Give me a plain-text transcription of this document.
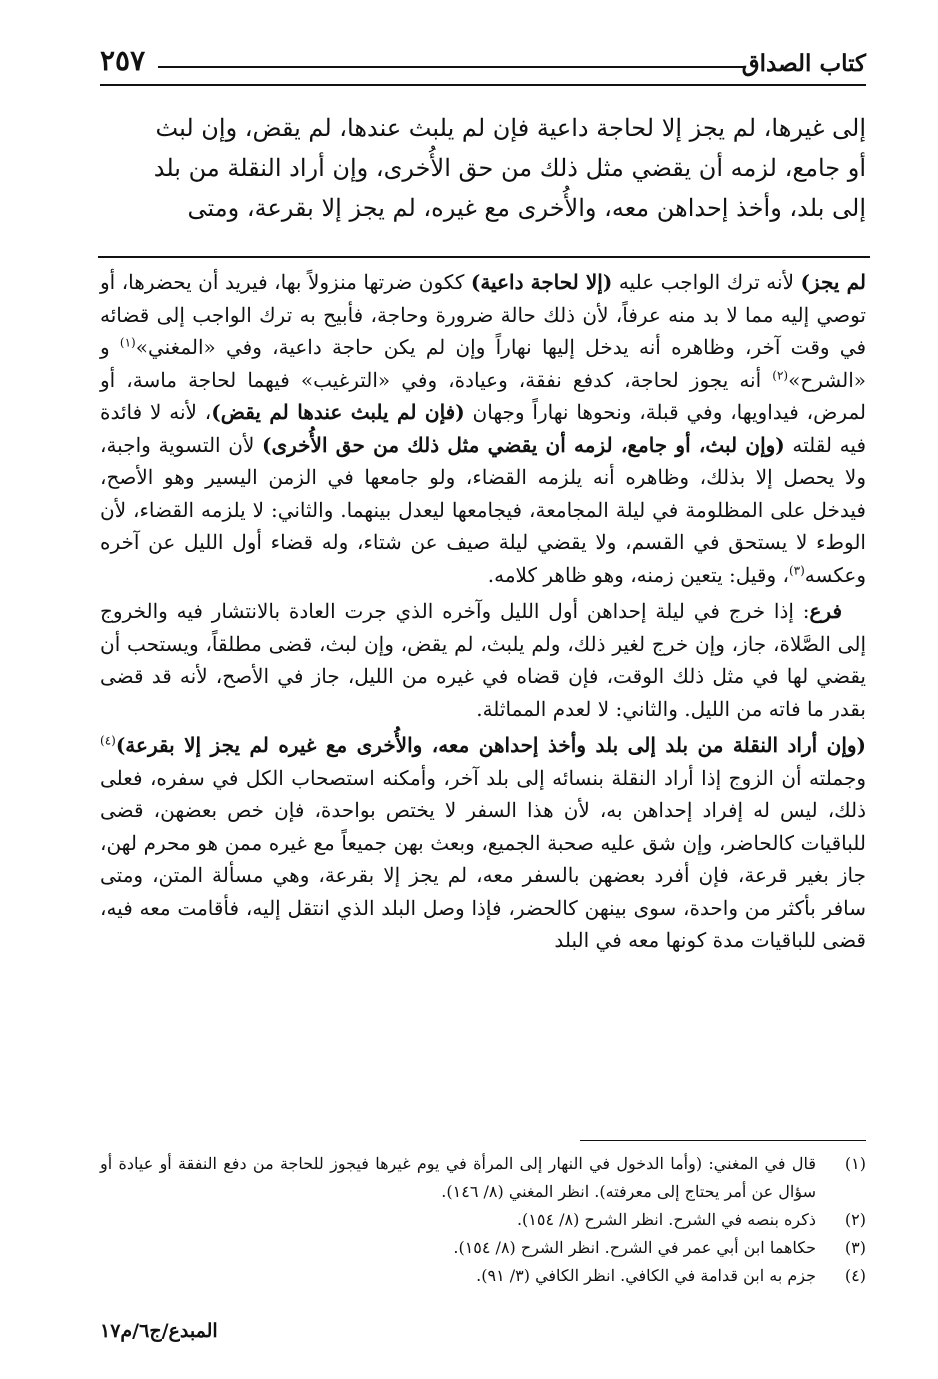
كتاب الصداق
٢٥٧

إلى غيرها، لم يجز إلا لحاجة داعية فإن لم يلبث عندها، لم يقض، وإن لبث

أو جامع، لزمه أن يقضي مثل ذلك من حق الأُخرى، وإن أراد النقلة من بلد

إلى بلد، وأخذ إحداهن معه، والأُخرى مع غيره، لم يجز إلا بقرعة، ومتى

لم يجز) لأنه ترك الواجب عليه (إلا لحاجة داعية) ككون ضرتها منزولاً بها، فيريد أن يحضرها، أو توصي إليه مما لا بد منه عرفاً، لأن ذلك حالة ضرورة وحاجة، فأبيح به ترك الواجب إلى قضائه في وقت آخر، وظاهره أنه يدخل إليها نهاراً وإن لم يكن حاجة داعية، وفي «المغني»$^{(١)}$ و «الشرح»$^{(٢)}$ أنه يجوز لحاجة، كدفع نفقة، وعيادة، وفي «الترغيب» فيهما لحاجة ماسة، أو لمرض، فيداويها، وفي قبلة، ونحوها نهاراً وجهان (فإن لم يلبث عندها لم يقض)، لأنه لا فائدة فيه لقلته (وإن لبث، أو جامع، لزمه أن يقضي مثل ذلك من حق الأُخرى) لأن التسوية واجبة، ولا يحصل إلا بذلك، وظاهره أنه يلزمه القضاء، ولو جامعها في الزمن اليسير وهو الأصح، فيدخل على المظلومة في ليلة المجامعة، فيجامعها ليعدل بينهما. والثاني: لا يلزمه القضاء، لأن الوطء لا يستحق في القسم، ولا يقضي ليلة صيف عن شتاء، وله قضاء أول الليل عن آخره وعكسه$^{(٣)}$، وقيل: يتعين زمنه، وهو ظاهر كلامه.

فرع: إذا خرج في ليلة إحداهن أول الليل وآخره الذي جرت العادة بالانتشار فيه والخروج إلى الصَّلاة، جاز، وإن خرج لغير ذلك، ولم يلبث، لم يقض، وإن لبث، قضى مطلقاً، ويستحب أن يقضي لها في مثل ذلك الوقت، فإن قضاه في غيره من الليل، جاز في الأصح، لأنه قد قضى بقدر ما فاته من الليل. والثاني: لا لعدم المماثلة.

(وإن أراد النقلة من بلد إلى بلد وأخذ إحداهن معه، والأُخرى مع غيره لم يجز إلا بقرعة)$^{(٤)}$ وجملته أن الزوج إذا أراد النقلة بنسائه إلى بلد آخر، وأمكنه استصحاب الكل في سفره، فعلى ذلك، ليس له إفراد إحداهن به، لأن هذا السفر لا يختص بواحدة، فإن خص بعضهن، قضى للباقيات كالحاضر، وإن شق عليه صحبة الجميع، وبعث بهن جميعاً مع غيره ممن هو محرم لهن، جاز بغير قرعة، فإن أفرد بعضهن بالسفر معه، لم يجز إلا بقرعة، وهي مسألة المتن، ومتى سافر بأكثر من واحدة، سوى بينهن كالحضر، فإذا وصل البلد الذي انتقل إليه، فأقامت معه فيه، قضى للباقيات مدة كونها معه في البلد

(١)
قال في المغني: (وأما الدخول في النهار إلى المرأة في يوم غيرها فيجوز للحاجة من دفع النفقة أو عيادة أو سؤال عن أمر يحتاج إلى معرفته). انظر المغني (٨/ ١٤٦).
(٢)
ذكره بنصه في الشرح. انظر الشرح (٨/ ١٥٤).
(٣)
حكاهما ابن أبي عمر في الشرح. انظر الشرح (٨/ ١٥٤).
(٤)
جزم به ابن قدامة في الكافي. انظر الكافي (٣/ ٩١).
المبدع/ج٦/م١٧
